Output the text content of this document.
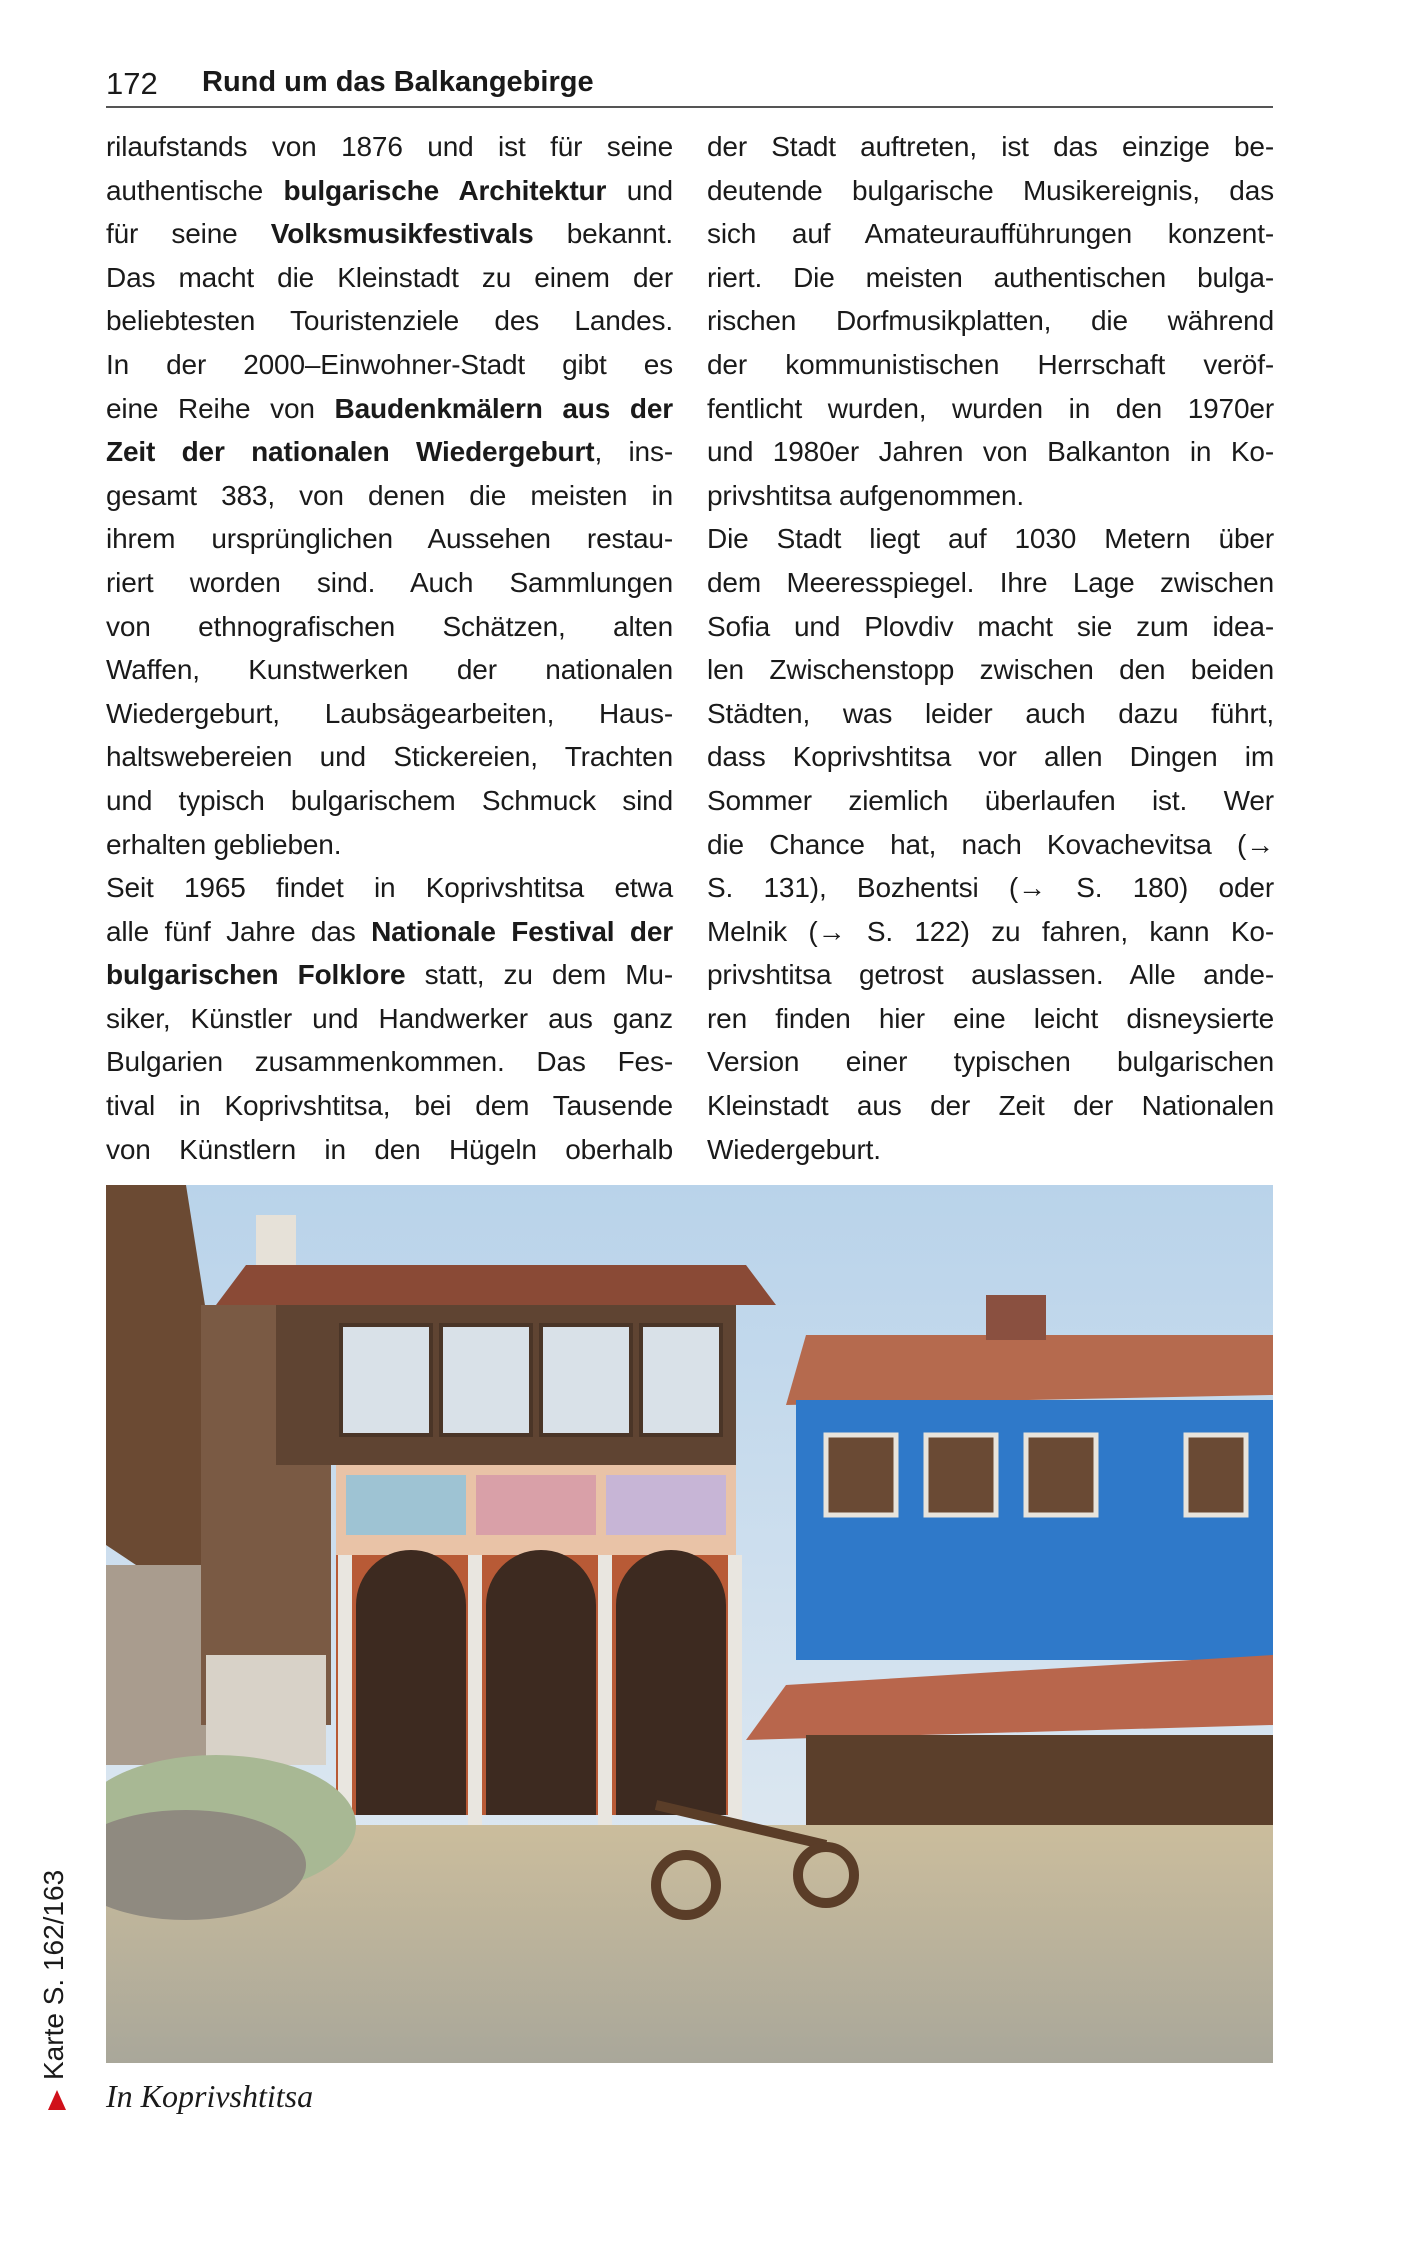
172 Rund um das Balkangebirge
rilaufstands von 1876 und ist für seine
authentische bulgarische Architektur und
für seine Volksmusikfestivals bekannt.
Das macht die Kleinstadt zu einem der
beliebtesten Touristenziele des Landes.
In der 2000–Einwohner-Stadt gibt es
eine Reihe von Baudenkmälern aus der
Zeit der nationalen Wiedergeburt, ins-
gesamt 383, von denen die meisten in
ihrem ursprünglichen Aussehen restau-
riert worden sind. Auch Sammlungen
von ethnografischen Schätzen, alten
Waffen, Kunstwerken der nationalen
Wiedergeburt, Laubsägearbeiten, Haus-
haltswebereien und Stickereien, Trachten
und typisch bulgarischem Schmuck sind
erhalten geblieben.
Seit 1965 findet in Koprivshtitsa etwa
alle fünf Jahre das Nationale Festival der
bulgarischen Folklore statt, zu dem Mu-
siker, Künstler und Handwerker aus ganz
Bulgarien zusammenkommen. Das Fes-
tival in Koprivshtitsa, bei dem Tausende
von Künstlern in den Hügeln oberhalb
der Stadt auftreten, ist das einzige be-
deutende bulgarische Musikereignis, das
sich auf Amateuraufführungen konzent-
riert. Die meisten authentischen bulga-
rischen Dorfmusikplatten, die während
der kommunistischen Herrschaft veröf-
fentlicht wurden, wurden in den 1970er
und 1980er Jahren von Balkanton in Ko-
privshtitsa aufgenommen.
Die Stadt liegt auf 1030 Metern über
dem Meeresspiegel. Ihre Lage zwischen
Sofia und Plovdiv macht sie zum idea-
len Zwischenstopp zwischen den beiden
Städten, was leider auch dazu führt,
dass Koprivshtitsa vor allen Dingen im
Sommer ziemlich überlaufen ist. Wer
die Chance hat, nach Kovachevitsa (→
S. 131), Bozhentsi (→ S. 180) oder
Melnik (→ S. 122) zu fahren, kann Ko-
privshtitsa getrost auslassen. Alle ande-
ren finden hier eine leicht disneysierte
Version einer typischen bulgarischen
Kleinstadt aus der Zeit der Nationalen
Wiedergeburt.
In Koprivshtitsa
Karte S. 162/163
